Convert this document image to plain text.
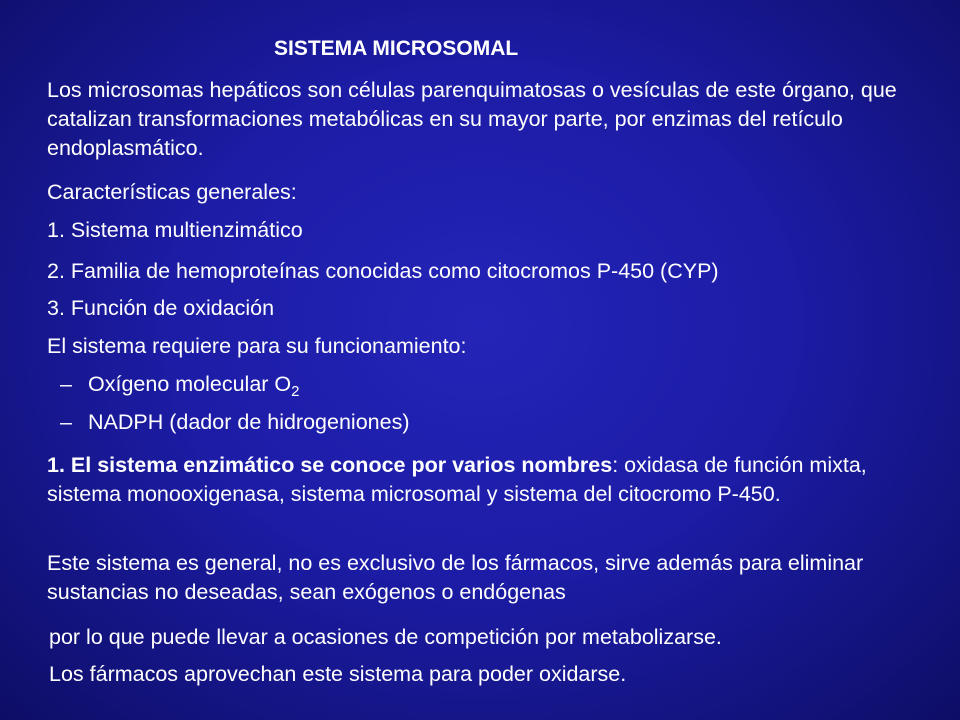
SISTEMA MICROSOMAL
Los microsomas hepáticos son células parenquimatosas o vesículas de este órgano, que catalizan transformaciones metabólicas en su mayor parte, por enzimas del retículo endoplasmático.
Características generales:
1. Sistema multienzimático
2. Familia de hemoproteínas conocidas como citocromos P-450 (CYP)
3. Función de oxidación
El sistema requiere para su funcionamiento:
– Oxígeno molecular $O_2$
– NADPH (dador de hidrogeniones)
1. El sistema enzimático se conoce por varios nombres: oxidasa de función mixta, sistema monooxigenasa, sistema microsomal y sistema del citocromo P-450.
Este sistema es general, no es exclusivo de los fármacos, sirve además para eliminar sustancias no deseadas, sean exógenos o endógenas
por lo que puede llevar a ocasiones de competición por metabolizarse.
Los fármacos aprovechan este sistema para poder oxidarse.
